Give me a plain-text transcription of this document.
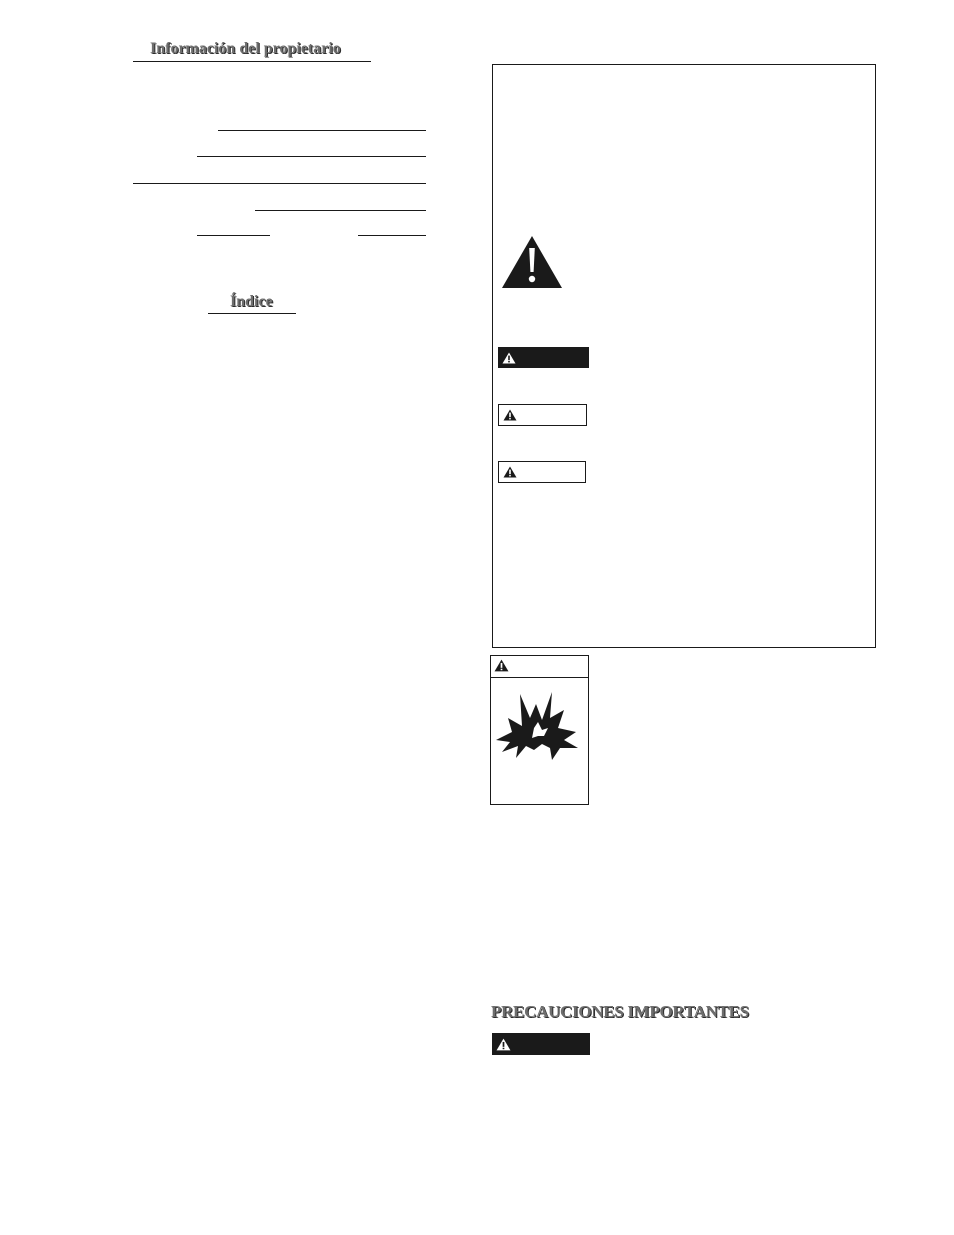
Información del propietario
Índice
PRECAUCIONES IMPORTANTES
